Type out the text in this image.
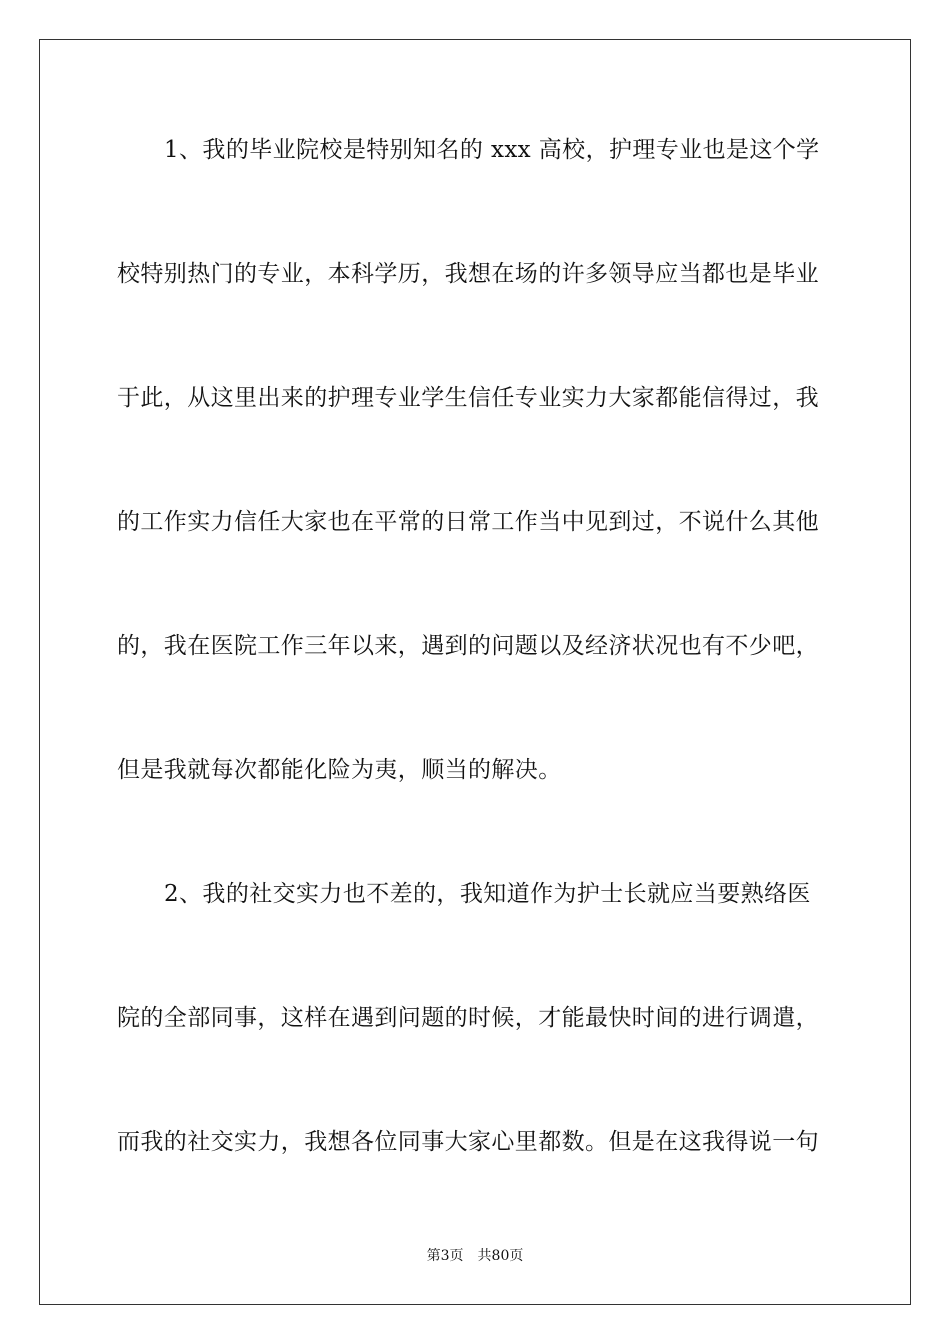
1、我的毕业院校是特别知名的 xxx 高校，护理专业也是这个学
校特别热门的专业，本科学历，我想在场的许多领导应当都也是毕业
于此，从这里出来的护理专业学生信任专业实力大家都能信得过，我
的工作实力信任大家也在平常的日常工作当中见到过，不说什么其他
的，我在医院工作三年以来，遇到的问题以及经济状况也有不少吧，
但是我就每次都能化险为夷，顺当的解决。
2、我的社交实力也不差的，我知道作为护士长就应当要熟络医
院的全部同事，这样在遇到问题的时候，才能最快时间的进行调遣，
而我的社交实力，我想各位同事大家心里都数。但是在这我得说一句
第3页 共80页
